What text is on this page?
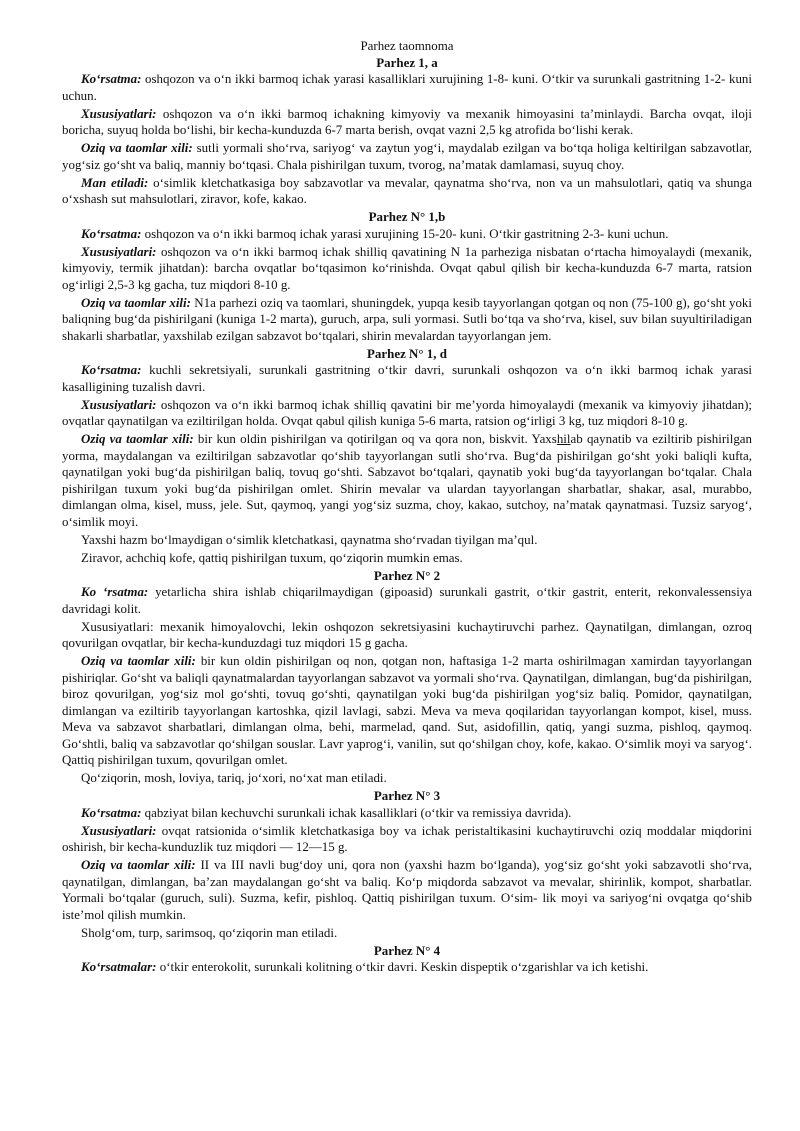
Parhez taomnoma
Parhez 1, a

Ko‘rsatma: oshqozon va o‘n ikki barmoq ichak yarasi kasalliklari xurujining 1-8- kuni. O‘tkir va surunkali gastritning 1-2- kuni uchun.

Xususiyatlari: oshqozon va o‘n ikki barmoq ichakning kimyoviy va mexanik himoyasini ta’minlaydi. Barcha ovqat, iloji boricha, suyuq holda bo‘lishi, bir kecha-kunduzda 6-7 marta berish, ovqat vazni 2,5 kg atrofida bo‘lishi kerak.

Oziq va taomlar xili: sutli yormali sho‘rva, sariyog‘ va zaytun yog‘i, maydalab ezilgan va bo‘tqa holiga keltirilgan sabzavotlar, yog‘siz go‘sht va baliq, manniy bo‘tqasi. Chala pishirilgan tuxum, tvorog, na’matak damlamasi, suyuq choy.

Man etiladi: o‘simlik kletchatkasiga boy sabzavotlar va mevalar, qaynatma sho‘rva, non va un mahsulotlari, qatiq va shunga o‘xshash sut mahsulotlari, ziravor, kofe, kakao.

Parhez N° 1,b

Ko‘rsatma: oshqozon va o‘n ikki barmoq ichak yarasi xurujining 15-20- kuni. O‘tkir gastritning 2-3- kuni uchun.

Xususiyatlari: oshqozon va o‘n ikki barmoq ichak shilliq qavatining N 1a parheziga nisbatan o‘rtacha himoyalaydi (mexanik, kimyoviy, termik jihatdan): barcha ovqatlar bo‘tqasimon ko‘rinishda. Ovqat qabul qilish bir kecha-kunduzda 6-7 marta, ratsion og‘irligi 2,5-3 kg gacha, tuz miqdori 8-10 g.

Oziq va taomlar xili: N1a parhezi oziq va taomlari, shuningdek, yupqa kesib tayyorlangan qotgan oq non (75-100 g), go‘sht yoki baliqning bug‘da pishirilgani (kuniga 1-2 marta), guruch, arpa, suli yormasi. Sutli bo‘tqa va sho‘rva, kisel, suv bilan suyultiriladigan shakarli sharbatlar, yaxshilab ezilgan sabzavot bo‘tqalari, shirin mevalardan tayyorlangan jem.

Parhez N° 1, d

Ko‘rsatma: kuchli sekretsiyali, surunkali gastritning o‘tkir davri, surunkali oshqozon va o‘n ikki barmoq ichak yarasi kasalligining tuzalish davri.

Xususiyatlari: oshqozon va o‘n ikki barmoq ichak shilliq qavatini bir me’yorda himoyalaydi (mexanik va kimyoviy jihatdan); ovqatlar qaynatilgan va eziltirilgan holda. Ovqat qabul qilish kuniga 5-6 marta, ratsion og‘irligi 3 kg, tuz miqdori 8-10 g.

Oziq va taomlar xili: bir kun oldin pishirilgan va qotirilgan oq va qora non, biskvit. Yaxshilab qaynatib va eziltirib pishirilgan yorma, maydalangan va eziltirilgan sabzavotlar qo‘shib tayyorlangan sutli sho‘rva. Bug‘da pishirilgan go‘sht yoki baliqli kufta, qaynatilgan yoki bug‘da pishirilgan baliq, tovuq go‘shti. Sabzavot bo‘tqalari, qaynatib yoki bug‘da tayyorlangan bo‘tqalar. Chala pishirilgan tuxum yoki bug‘da pishirilgan omlet. Shirin mevalar va ulardan tayyorlangan sharbatlar, shakar, asal, murabbo, dimlangan olma, kisel, muss, jele. Sut, qaymoq, yangi yog‘siz suzma, choy, kakao, sutchoy, na’matak qaynatmasi. Tuzsiz saryog‘, o‘simlik moyi.

Yaxshi hazm bo‘lmaydigan o‘simlik kletchatkasi, qaynatma sho‘rvadan tiyilgan ma’qul.

Ziravor, achchiq kofe, qattiq pishirilgan tuxum, qo‘ziqorin mumkin emas.

Parhez N° 2

Ko ‘rsatma: yetarlicha shira ishlab chiqarilmaydigan (gipoasid) surunkali gastrit, o‘tkir gastrit, enterit, rekonvalessensiya davridagi kolit.

Xususiyatlari: mexanik himoyalovchi, lekin oshqozon sekretsiyasini kuchaytiruvchi parhez. Qaynatilgan, dimlangan, ozroq qovurilgan ovqatlar, bir kecha-kunduzdagi tuz miqdori 15 g gacha.

Oziq va taomlar xili: bir kun oldin pishirilgan oq non, qotgan non, haftasiga 1-2 marta oshirilmagan xamirdan tayyorlangan pishiriqlar. Go‘sht va baliqli qaynatmalardan tayyorlangan sabzavot va yormali sho‘rva. Qaynatilgan, dimlangan, bug‘da pishirilgan, biroz qovurilgan, yog‘siz mol go‘shti, tovuq go‘shti, qaynatilgan yoki bug‘da pishirilgan yog‘siz baliq. Pomidor, qaynatilgan, dimlangan va eziltirib tayyorlangan kartoshka, qizil lavlagi, sabzi. Meva va meva qoqilaridan tayyorlangan kompot, kisel, muss. Meva va sabzavot sharbatlari, dimlangan olma, behi, marmelad, qand. Sut, asidofillin, qatiq, yangi suzma, pishloq, qaymoq. Go‘shtli, baliq va sabzavotlar qo‘shilgan souslar. Lavr yaprog‘i, vanilin, sut qo‘shilgan choy, kofe, kakao. O‘simlik moyi va saryog‘. Qattiq pishirilgan tuxum, qovurilgan omlet.

Qo‘ziqorin, mosh, loviya, tariq, jo‘xori, no‘xat man etiladi.

Parhez N° 3

Ko‘rsatma: qabziyat bilan kechuvchi surunkali ichak kasalliklari (o‘tkir va remissiya davrida).

Xususiyatlari: ovqat ratsionida o‘simlik kletchatkasiga boy va ichak peristaltikasini kuchaytiruvchi oziq moddalar miqdorini oshirish, bir kecha-kunduzlik tuz miqdori — 12—15 g.

Oziq va taomlar xili: II va III navli bug‘doy uni, qora non (yaxshi hazm bo‘lganda), yog‘siz go‘sht yoki sabzavotli sho‘rva, qaynatilgan, dimlangan, ba’zan maydalangan go‘sht va baliq. Ko‘p miqdorda sabzavot va mevalar, shirinlik, kompot, sharbatlar. Yormali bo‘tqalar (guruch, suli). Suzma, kefir, pishloq. Qattiq pishirilgan tuxum. O‘sim- lik moyi va sariyog‘ni ovqatga qo‘shib iste’mol qilish mumkin.

Sholg‘om, turp, sarimsoq, qo‘ziqorin man etiladi.

Parhez N° 4

Ko‘rsatmalar: o‘tkir enterokolit, surunkali kolitning o‘tkir davri. Keskin dispeptik o‘zgarishlar va ich ketishi.
